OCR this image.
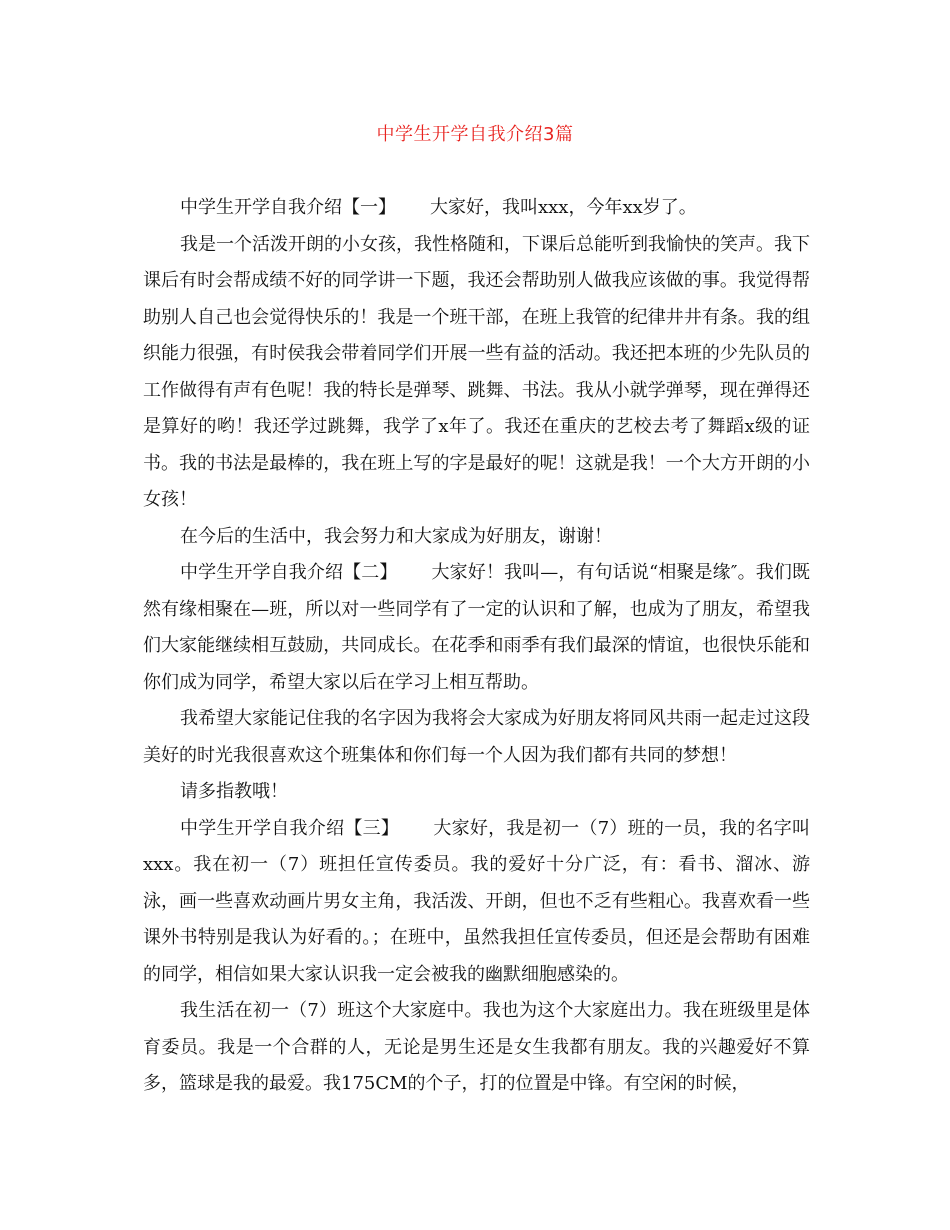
中学生开学自我介绍3篇

中学生开学自我介绍【一】 大家好，我叫xxx，今年xx岁了。

我是一个活泼开朗的小女孩，我性格随和，下课后总能听到我愉快的笑声。我下课后有时会帮成绩不好的同学讲一下题，我还会帮助别人做我应该做的事。我觉得帮助别人自己也会觉得快乐的！我是一个班干部，在班上我管的纪律井井有条。我的组织能力很强，有时侯我会带着同学们开展一些有益的活动。我还把本班的少先队员的工作做得有声有色呢！我的特长是弹琴、跳舞、书法。我从小就学弹琴，现在弹得还是算好的哟！我还学过跳舞，我学了x年了。我还在重庆的艺校去考了舞蹈x级的证书。我的书法是最棒的，我在班上写的字是最好的呢！这就是我！一个大方开朗的小女孩！

在今后的生活中，我会努力和大家成为好朋友，谢谢！

中学生开学自我介绍【二】 大家好！我叫—，有句话说“相聚是缘″。我们既然有缘相聚在—班，所以对一些同学有了一定的认识和了解，也成为了朋友，希望我们大家能继续相互鼓励，共同成长。在花季和雨季有我们最深的情谊，也很快乐能和你们成为同学，希望大家以后在学习上相互帮助。

我希望大家能记住我的名字因为我将会大家成为好朋友将同风共雨一起走过这段美好的时光我很喜欢这个班集体和你们每一个人因为我们都有共同的梦想！

请多指教哦！

中学生开学自我介绍【三】 大家好，我是初一（7）班的一员，我的名字叫xxx。我在初一（7）班担任宣传委员。我的爱好十分广泛，有：看书、溜冰、游泳，画一些喜欢动画片男女主角，我活泼、开朗，但也不乏有些粗心。我喜欢看一些课外书特别是我认为好看的。；在班中，虽然我担任宣传委员，但还是会帮助有困难的同学，相信如果大家认识我一定会被我的幽默细胞感染的。

我生活在初一（7）班这个大家庭中。我也为这个大家庭出力。我在班级里是体育委员。我是一个合群的人，无论是男生还是女生我都有朋友。我的兴趣爱好不算多，篮球是我的最爱。我175CM的个子，打的位置是中锋。有空闲的时候，
